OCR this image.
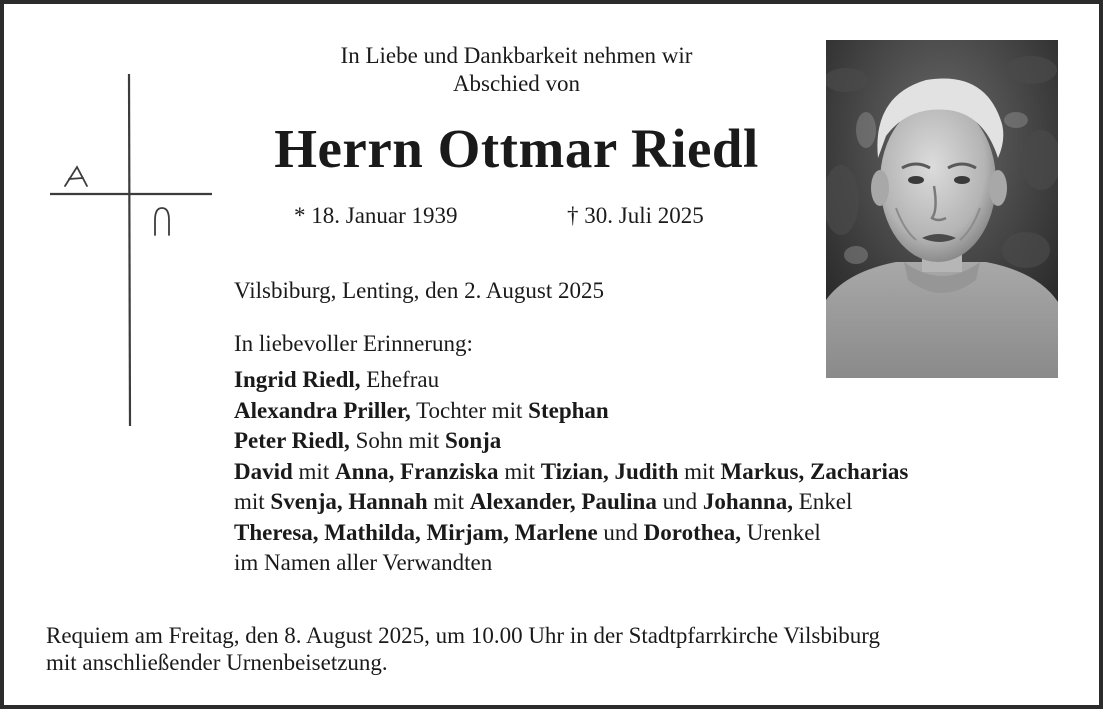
In Liebe und Dankbarkeit nehmen wir
Abschied von
Herrn Ottmar Riedl
* 18. Januar 1939	† 30. Juli 2025
Vilsbiburg, Lenting, den 2. August 2025
In liebevoller Erinnerung:
Ingrid Riedl, Ehefrau
Alexandra Priller, Tochter mit Stephan
Peter Riedl, Sohn mit Sonja
David mit Anna, Franziska mit Tizian, Judith mit Markus, Zacharias
mit Svenja, Hannah mit Alexander, Paulina und Johanna, Enkel
Theresa, Mathilda, Mirjam, Marlene und Dorothea, Urenkel
im Namen aller Verwandten
Requiem am Freitag, den 8. August 2025, um 10.00 Uhr in der Stadtpfarrkirche Vilsbiburg
mit anschließender Urnenbeisetzung.
